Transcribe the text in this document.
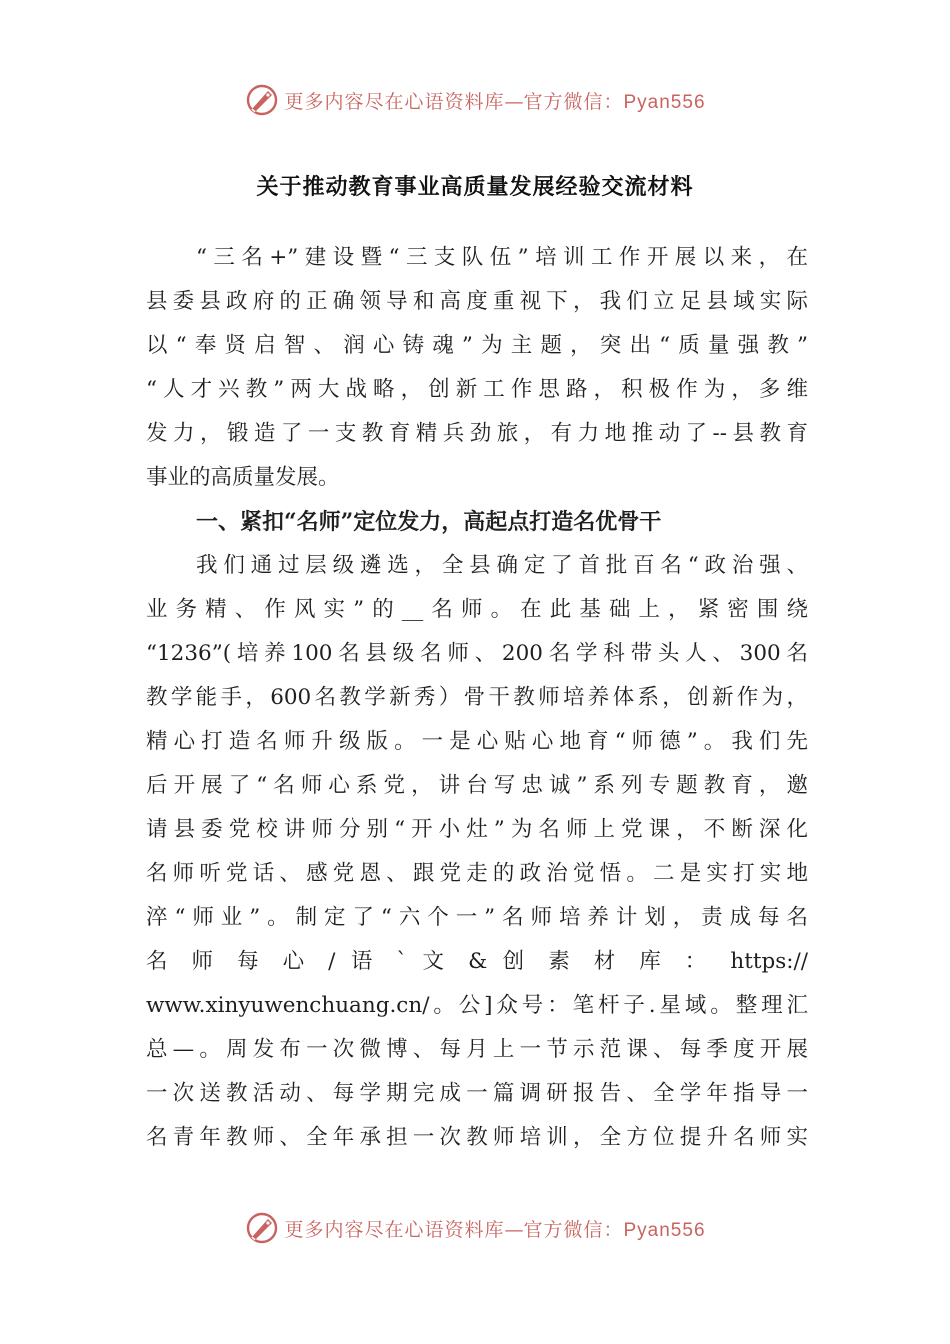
更多内容尽在心语资料库—官方微信：Pyan556
关于推动教育事业高质量发展经验交流材料
“三名+”建设暨“三支队伍”培训工作开展以来，在
县委县政府的正确领导和高度重视下，我们立足县域实际
以“奉贤启智、润心铸魂”为主题，突出“质量强教”
“人才兴教”两大战略，创新工作思路，积极作为，多维
发力，锻造了一支教育精兵劲旅，有力地推动了--县教育
事业的高质量发展。
一、紧扣“名师”定位发力，高起点打造名优骨干
我们通过层级遴选，全县确定了首批百名“政治强、
业务精、作风实”的__名师。在此基础上，紧密围绕
“1236”(培养100名县级名师、200名学科带头人、300名
教学能手，600名教学新秀）骨干教师培养体系，创新作为，
精心打造名师升级版。一是心贴心地育“师德”。我们先
后开展了“名师心系党，讲台写忠诚”系列专题教育，邀
请县委党校讲师分别“开小灶”为名师上党课，不断深化
名师听党话、感党恩、跟党走的政治觉悟。二是实打实地
淬“师业”。制定了“六个一”名师培养计划，责成每名
名 师 每 心 / 语 ` 文 & 创 素 材 库 ： https://
www.xinyuwenchuang.cn/。公]众号：笔杆子.星域。整理汇
总—。周发布一次微博、每月上一节示范课、每季度开展
一次送教活动、每学期完成一篇调研报告、全学年指导一
名青年教师、全年承担一次教师培训，全方位提升名师实
更多内容尽在心语资料库—官方微信：Pyan556
